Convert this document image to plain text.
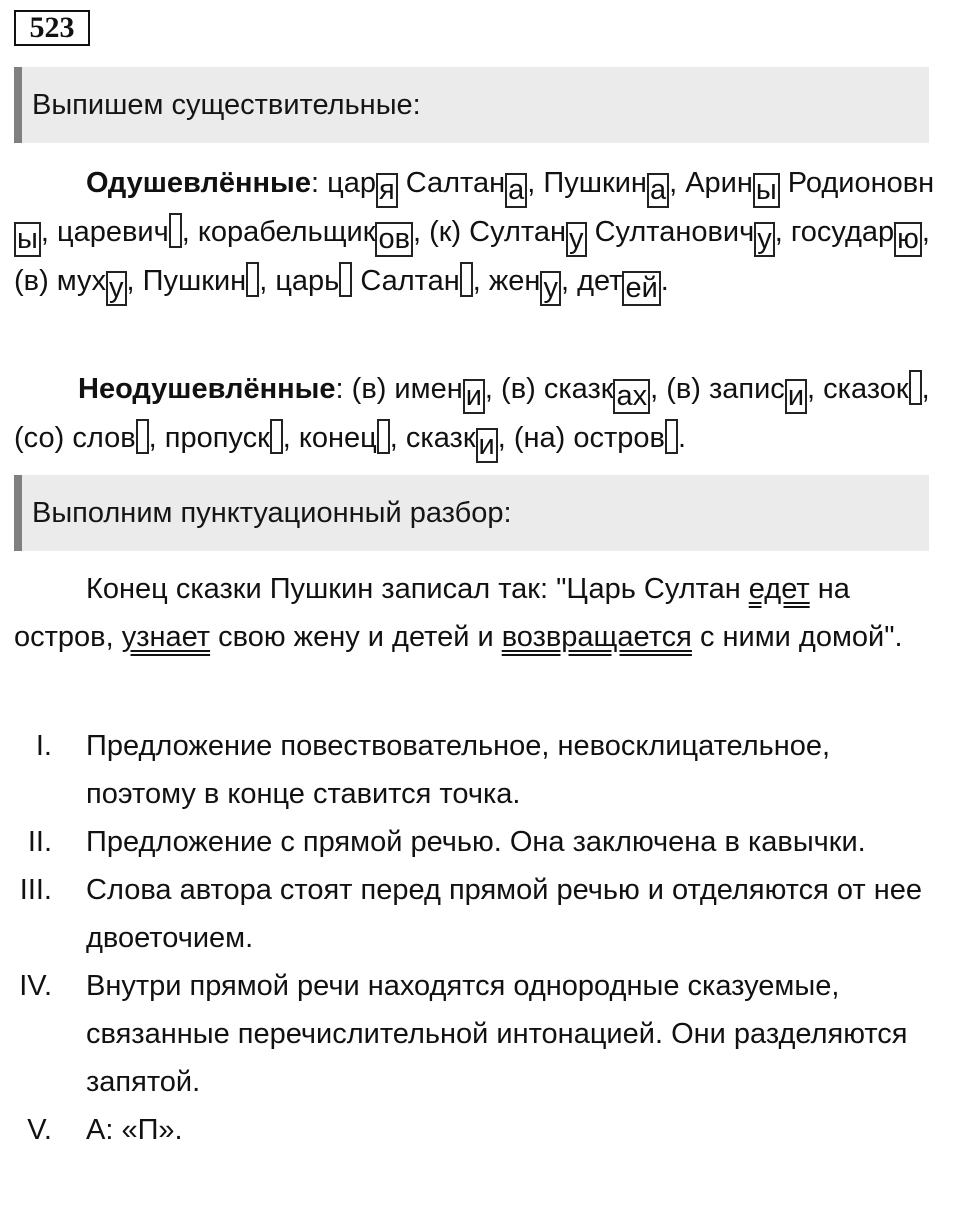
523
Выпишем существительные:

Одушевлённые: цар я Салтан а , Пушкин а , Арин ы Родионовны , царевич , корабельщик ов , (к) Султан у Султанович у , государ ю , (в) мух у , Пушкин , царь Салтан , жен у , дет ей .

Неодушевлённые: (в) имен и , (в) сказк ах , (в) запис и , сказок , (со) слов , пропуск , конец , сказк и , (на) остров .

Выполним пунктуационный разбор:

Конец сказки Пушкин записал так: "Царь Султан едет на остров, узнает свою жену и детей и возвращается с ними домой".

I. Предложение повествовательное, невосклицательное, поэтому в конце ставится точка.
II. Предложение с прямой речью. Она заключена в кавычки.
III. Слова автора стоят перед прямой речью и отделяются от нее двоеточием.
IV. Внутри прямой речи находятся однородные сказуемые, связанные перечислительной интонацией. Они разделяются запятой.
V. А: «П».
